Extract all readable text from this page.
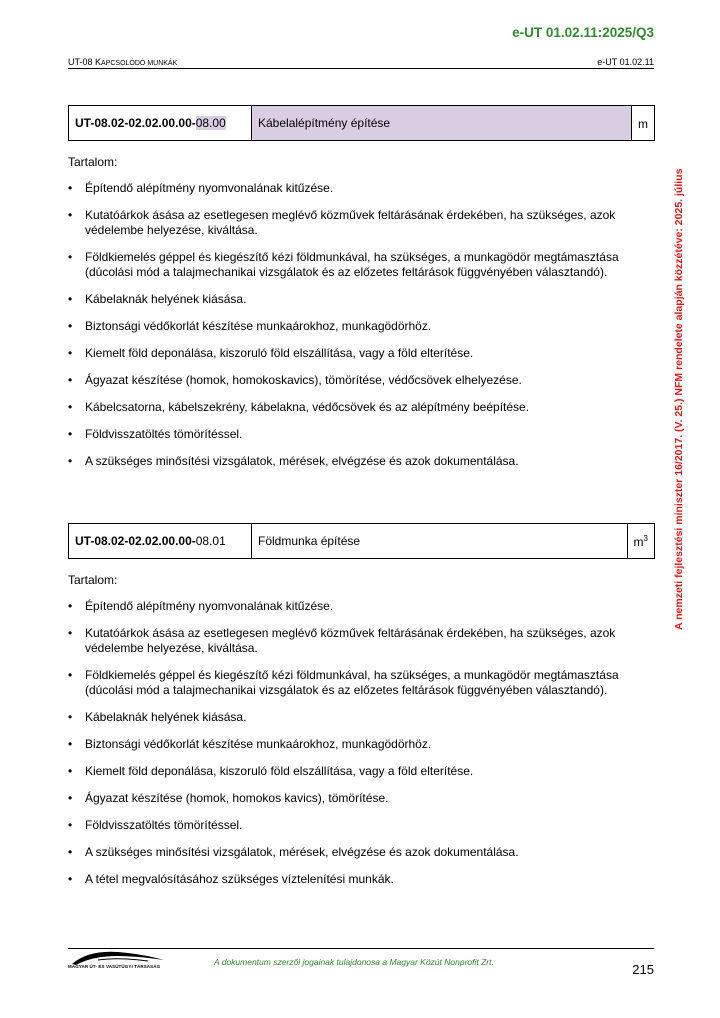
e-UT 01.02.11:2025/Q3
UT-08 KAPCSOLÓDÓ MUNKÁK	e-UT 01.02.11
A nemzeti fejlesztési miniszter 16/2017. (V. 25.) NFM rendelete alapján közzétéve: 2025. július
UT-08.02-02.02.00.00-08.00	Kábelalépítmény építése	m
Tartalom:
• Építendő alépítmény nyomvonalának kitűzése.
• Kutatóárkok ásása az esetlegesen meglévő közművek feltárásának érdekében, ha szükséges, azok védelembe helyezése, kiváltása.
• Földkiemelés géppel és kiegészítő kézi földmunkával, ha szükséges, a munkagödör megtámasztása (dúcolási mód a talajmechanikai vizsgálatok és az előzetes feltárások függvényében választandó).
• Kábelaknák helyének kiásása.
• Biztonsági védőkorlát készítése munkaárokhoz, munkagödörhöz.
• Kiemelt föld deponálása, kiszoruló föld elszállítása, vagy a föld elterítése.
• Ágyazat készítése (homok, homokoskavics), tömörítése, védőcsövek elhelyezése.
• Kábelcsatorna, kábelszekrény, kábelakna, védőcsövek és az alépítmény beépítése.
• Földvisszatöltés tömörítéssel.
• A szükséges minősítési vizsgálatok, mérések, elvégzése és azok dokumentálása.
UT-08.02-02.02.00.00-08.01	Földmunka építése	$m^3$
Tartalom:
• Építendő alépítmény nyomvonalának kitűzése.
• Kutatóárkok ásása az esetlegesen meglévő közművek feltárásának érdekében, ha szükséges, azok védelembe helyezése, kiváltása.
• Földkiemelés géppel és kiegészítő kézi földmunkával, ha szükséges, a munkagödör megtámasztása (dúcolási mód a talajmechanikai vizsgálatok és az előzetes feltárások függvényében választandó).
• Kábelaknák helyének kiásása.
• Biztonsági védőkorlát készítése munkaárokhoz, munkagödörhöz.
• Kiemelt föld deponálása, kiszoruló föld elszállítása, vagy a föld elterítése.
• Ágyazat készítése (homok, homokos kavics), tömörítése.
• Földvisszatöltés tömörítéssel.
• A szükséges minősítési vizsgálatok, mérések, elvégzése és azok dokumentálása.
• A tétel megvalósításához szükséges víztelenítési munkák.
MAGYAR ÚT- ÉS VASÚTÜGYI TÁRSASÁG	A dokumentum szerzői jogainak tulajdonosa a Magyar Közút Nonprofit Zrt.	215
